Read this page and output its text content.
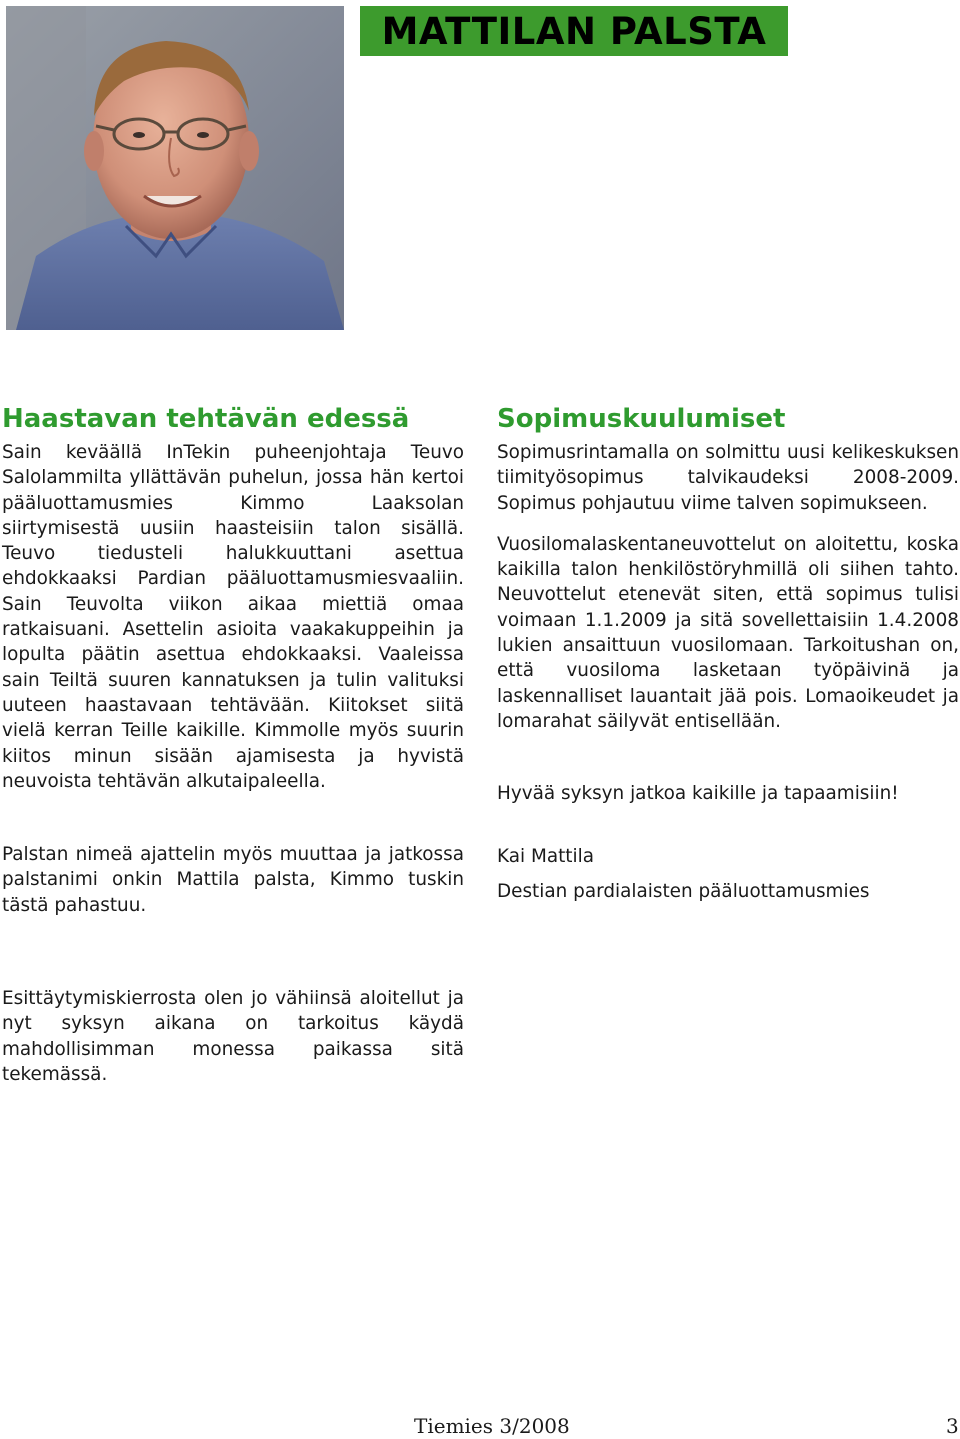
MATTILAN PALSTA
Haastavan tehtävän edessä

Sain keväällä InTekin puheenjohtaja Teuvo Salolammilta yllättävän puhelun, jossa hän kertoi pääluottamusmies Kimmo Laaksolan siirtymisestä uusiin haasteisiin talon sisällä. Teuvo tiedusteli halukkuuttani asettua ehdokkaaksi Pardian pääluottamusmiesvaaliin. Sain Teuvolta viikon aikaa miettiä omaa ratkaisuani. Asettelin asioita vaakakuppeihin ja lopulta päätin asettua ehdokkaaksi. Vaaleissa sain Teiltä suuren kannatuksen ja tulin valituksi uuteen haastavaan tehtävään. Kiitokset siitä vielä kerran Teille kaikille. Kimmolle myös suurin kiitos minun sisään ajamisesta ja hyvistä neuvoista tehtävän alkutaipaleella.

Palstan nimeä ajattelin myös muuttaa ja jatkossa palstanimi onkin Mattila palsta, Kimmo tuskin tästä pahastuu.

Sopimuskuulumiset

Sopimusrintamalla on solmittu uusi kelikeskuksen tiimityösopimus talvikaudeksi 2008-2009. Sopimus pohjautuu viime talven sopimukseen.

Vuosilomalaskentaneuvottelut on aloitettu, koska kaikilla talon henkilöstöryhmillä oli siihen tahto. Neuvottelut etenevät siten, että sopimus tulisi voimaan 1.1.2009 ja sitä sovellettaisiin 1.4.2008 lukien ansaittuun vuosilomaan. Tarkoitushan on, että vuosiloma lasketaan työpäivinä ja laskennalliset lauantait jää pois. Lomaoikeudet ja lomarahat säilyvät entisellään.

Hyvää syksyn jatkoa kaikille ja tapaamisiin!

Kai Mattila

Destian pardialaisten pääluottamusmies

Esittäytymiskierrosta olen jo vähiinsä aloitellut ja nyt syksyn aikana on tarkoitus käydä mahdollisimman monessa paikassa sitä tekemässä.

Tiemies 3/2008	3
